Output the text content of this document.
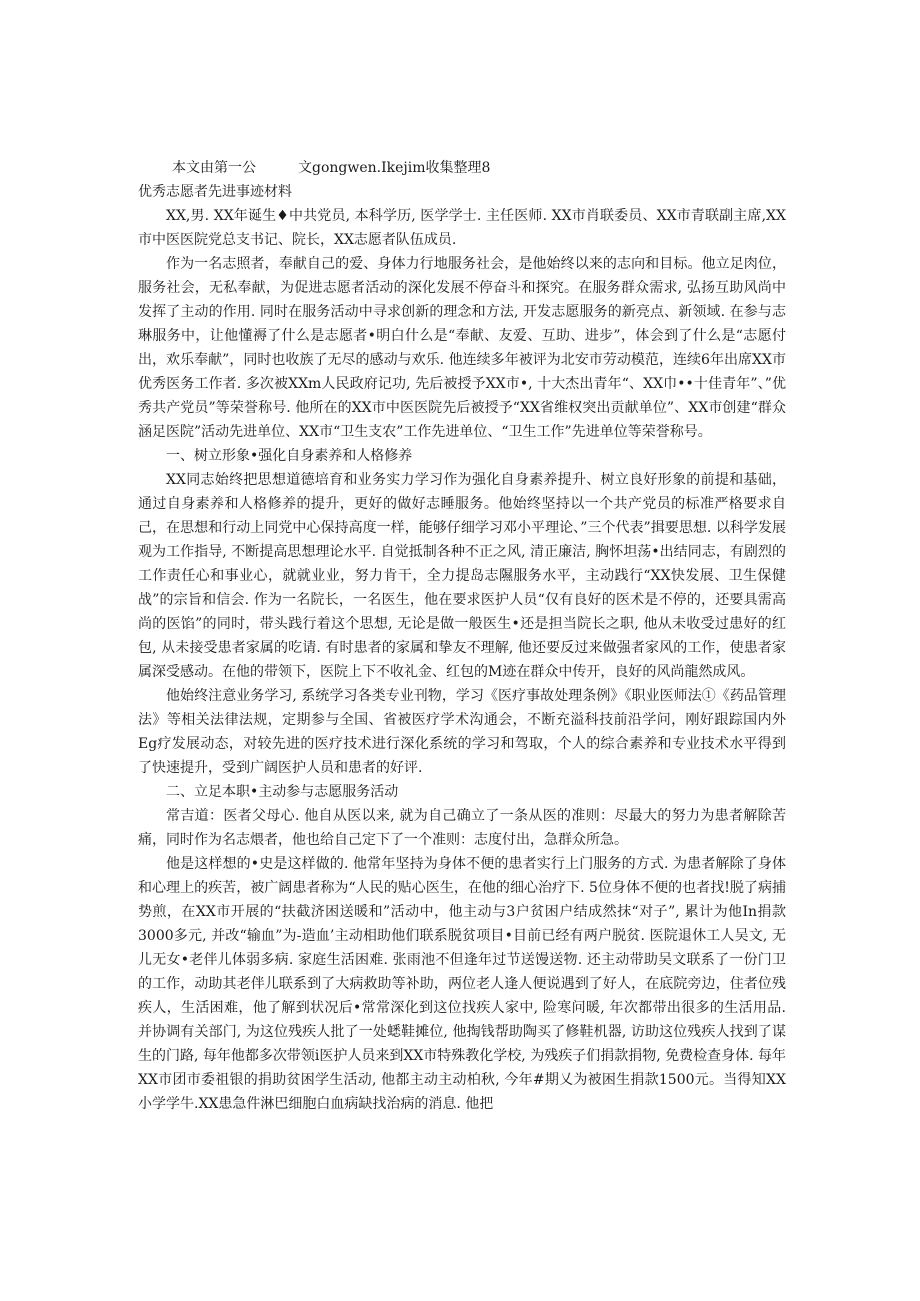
本文由第一公　　　文gongwen.Ikejim收集整理8

优秀志愿者先进事迹材料

XX,男. XX年诞生♦中共党员, 本科学历, 医学学士. 主任医师. XX市肖联委员、XX市青联副主席,XX市中医医院党总支书记、院长，XX志愿者队伍成员.

作为一名志照者，奉献自己的爱、身体力行地服务社会，是他始终以来的志向和目标。他立足肉位，服务社会，无私奉献，为促进志愿者活动的深化发展不停奋斗和探究。在服务群众需求, 弘扬互助风尚中发挥了主动的作用. 同时在服务活动中寻求创新的理念和方法, 开发志愿服务的新亮点、新领域. 在参与志琳服务中，让他懂褥了什么是志愿者•明白什么是“奉献、友爱、互助、进步”，体会到了什么是“志愿付出，欢乐奉献”，同时也收族了无尽的感动与欢乐. 他连续多年被评为北安市劳动模范，连续6年出席XX市优秀医务工作者. 多次被XXm人民政府记功, 先后被授予XX市•, 十大杰出青年“、XX巾••十佳青年”、”优秀共产党员”等荣誉称号. 他所在的XX市中医医院先后被授予“XX省维权突出贡献单位”、XX市创建“群众涵足医院”活动先进单位、XX市“卫生支农”工作先进单位、“卫生工作”先进单位等荣誉称号。

一、树立形象•强化自身素养和人格修养

XX同志始终把思想道德培育和业务实力学习作为强化自身素养提升、树立良好形象的前提和基础，通过自身素养和人格修养的提升，更好的做好志睡服务。他始终坚持以一个共产党员的标准严格要求自己，在思想和行动上同党中心保持高度一样，能够仔细学习邓小平理论、”三个代表”揖要思想. 以科学发展观为工作指导, 不断提高思想理论水平. 自觉抵制各种不正之风, 清正廉洁, 胸怀坦荡•出结同志，有剧烈的工作责任心和事业心，就就业业，努力肯干，全力提岛志隰服务水平，主动践行“XX快发展、卫生保健战”的宗旨和信会. 作为一名院长，一名医生，他在要求医护人员“仅有良好的医术是不停的，还要具需高尚的医馅”的同时，带头践行着这个思想, 无论是做一般医生•还是担当院长之职, 他从未收受过患好的红包, 从未接受患者家属的吃请. 有时患者的家属和挚友不理解, 他还要反过来做强者家风的工作，使患者家属深受感动。在他的带领下，医院上下不收礼金、红包的M迹在群众中传开，良好的风尚龍然成风。

他始终注意业务学习, 系统学习各类专业刊物，学习《医疗事故处理条例》《职业医师法①《药品管理法》等相关法律法规，定期参与全国、省被医疗学术沟通会，不断充溢科技前沿学问，刚好跟踪国内外Eg疗发展动态，对较先进的医疗技术进行深化系统的学习和驾取，个人的综合素养和专业技术水平得到了快速提升，受到广阔医护人员和患者的好评.

二、立足本职•主动参与志愿服务活动

常吉道：医者父母心. 他自从医以来, 就为自己确立了一条从医的准则：尽最大的努力为患者解除苦痛，同时作为名志煨者，他也给自己定下了一个准则：志度付出，急群众所急。

他是这样想的•史是这样做的. 他常年坚持为身体不便的患者实行上门服务的方式. 为患者解除了身体和心理上的疾苦，被广阔患者称为“人民的贴心医生，在他的细心治疗下. 5位身体不便的也者找!脱了病捕势煎，在XX市开展的“扶截济困送暖和”活动中，他主动与3户贫困户结成然抹“对子”, 累计为他In捐款3000多元, 并改“输血”为-造血’主动相助他们联系脱贫项目•目前已经有两户脱贫. 医院退休工人吴文, 无儿无女•老伴儿体弱多病. 家庭生活困难. 张雨池不但逢年过节送馒送物. 还主动带助吴文联系了一份门卫的工作，动助其老伴儿联系到了大病救助等补助，两位老人逢人便说遇到了好人，在底院旁边，住者位残疾人，生活困难，他了解到状况后•常常深化到这位找疾人家中, 险寒问暖, 年次都带出很多的生活用品. 并协调有关部门, 为这位残疾人批了一处蟋鞋摊位, 他掏钱帮助陶买了修鞋机器, 访助这位残疾人找到了谋生的门路, 每年他都多次带领i医护人员来到XX市特殊教化学校, 为残疾子们捐款捐物, 免费检查身体. 每年XX市团市委祖银的捐助贫困学生活动, 他都主动主动柏秋, 今年#期乂为被困生捐款1500元。当得知XX小学学牛.XX患急件淋巴细胞白血病缺找治病的消息. 他把
